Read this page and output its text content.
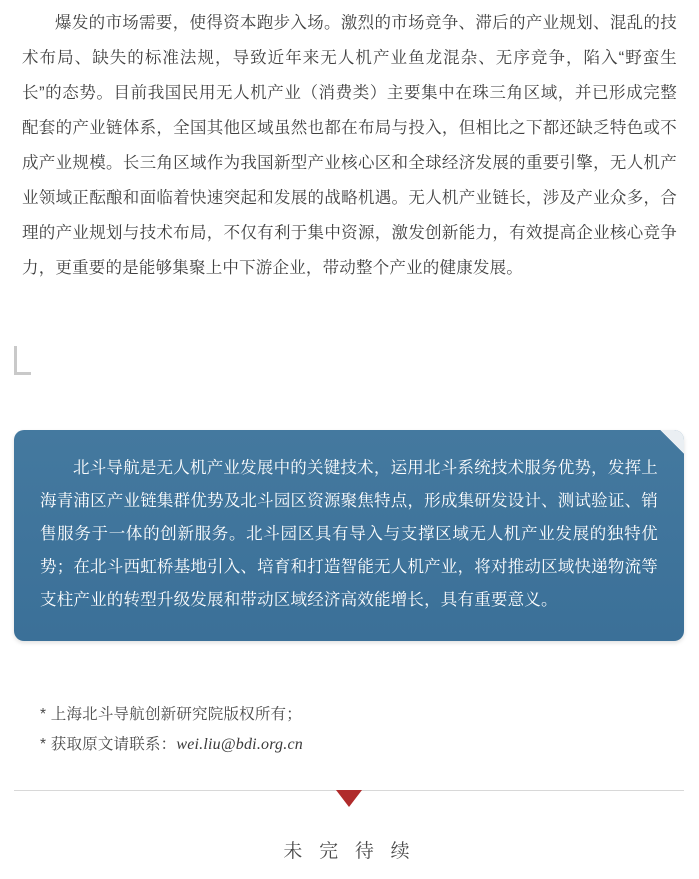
爆发的市场需要，使得资本跑步入场。激烈的市场竞争、滞后的产业规划、混乱的技术布局、缺失的标准法规，导致近年来无人机产业鱼龙混杂、无序竞争，陷入“野蛮生长”的态势。目前我国民用无人机产业（消费类）主要集中在珠三角区域，并已形成完整配套的产业链体系，全国其他区域虽然也都在布局与投入，但相比之下都还缺乏特色或不成产业规模。长三角区域作为我国新型产业核心区和全球经济发展的重要引擎，无人机产业领域正酝酿和面临着快速突起和发展的战略机遇。无人机产业链长，涉及产业众多，合理的产业规划与技术布局，不仅有利于集中资源，激发创新能力，有效提高企业核心竞争力，更重要的是能够集聚上中下游企业，带动整个产业的健康发展。

北斗导航是无人机产业发展中的关键技术，运用北斗系统技术服务优势，发挥上海青浦区产业链集群优势及北斗园区资源聚焦特点，形成集研发设计、测试验证、销售服务于一体的创新服务。北斗园区具有导入与支撑区域无人机产业发展的独特优势；在北斗西虹桥基地引入、培育和打造智能无人机产业，将对推动区域快递物流等支柱产业的转型升级发展和带动区域经济高效能增长，具有重要意义。

* 上海北斗导航创新研究院版权所有；
* 获取原文请联系：wei.liu@bdi.org.cn
未 完 待 续
